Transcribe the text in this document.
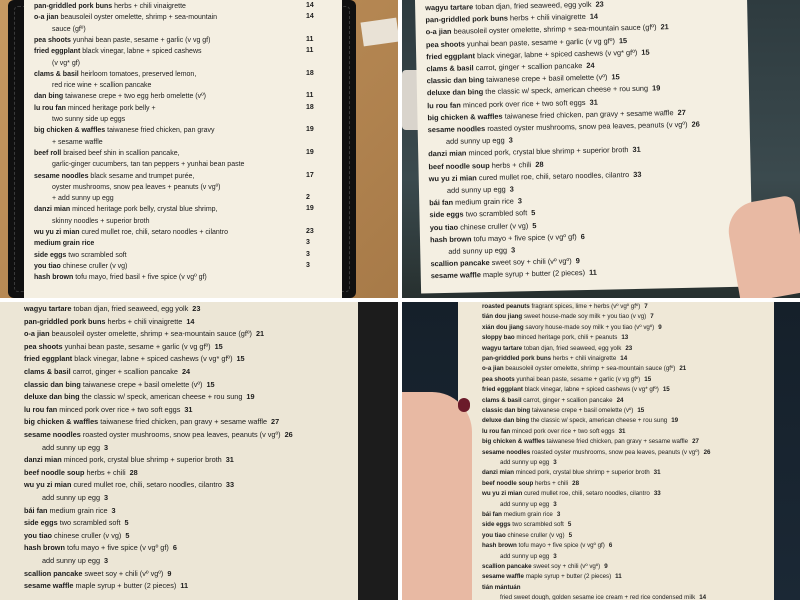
14
pan-griddled pork buns herbs + chili vinaigrette
14
o-a jian beausoleil oyster omelette, shrimp + sea-mountain
sauce (gfº)
11
pea shoots yunhai bean paste, sesame + garlic (v vg gf)
11
fried eggplant black vinegar, labne + spiced cashews
(v vg* gf)
18
clams & basil heirloom tomatoes, preserved lemon,
red rice wine + scallion pancake
11
dan bing taiwanese crepe + two egg herb omelette (vº)
18
lu rou fan minced heritage pork belly +
two sunny side up eggs
19
big chicken & waffles taiwanese fried chicken, pan gravy
+ sesame waffle
19
beef roll braised beef shin in scallion pancake,
garlic-ginger cucumbers, tan tan peppers + yunhai bean paste
17
sesame noodles black sesame and trumpet purée,
oyster mushrooms, snow pea leaves + peanuts (v vgº)
2
+ add sunny up egg
19
danzi mian minced heritage pork belly, crystal blue shrimp,
skinny noodles + superior broth
23
wu yu zi mian cured mullet roe, chili, setaro noodles + cilantro
3
medium grain rice
3
side eggs two scrambled soft
3
you tiao chinese cruller (v vg)
hash brown tofu mayo, fried basil + five spice (v vgº gf)
wagyu tartare toban djan, fried seaweed, egg yolk 23
pan-griddled pork buns herbs + chili vinaigrette 14
o-a jian beausoleil oyster omelette, shrimp + sea-mountain sauce (gfº) 21
pea shoots yunhai bean paste, sesame + garlic (v vg gfº) 15
fried eggplant black vinegar, labne + spiced cashews (v vg* gfº) 15
clams & basil carrot, ginger + scallion pancake 24
classic dan bing taiwanese crepe + basil omelette (vº) 15
deluxe dan bing the classic w/ speck, american cheese + rou sung 19
lu rou fan minced pork over rice + two soft eggs 31
big chicken & waffles taiwanese fried chicken, pan gravy + sesame waffle 27
sesame noodles roasted oyster mushrooms, snow pea leaves, peanuts (v vgº) 26
add sunny up egg 3
danzi mian minced pork, crystal blue shrimp + superior broth 31
beef noodle soup herbs + chili 28
wu yu zi mian cured mullet roe, chili, setaro noodles, cilantro 33
add sunny up egg 3
bái fan medium grain rice 3
side eggs two scrambled soft 5
you tiao chinese cruller (v vg) 5
hash brown tofu mayo + five spice (v vgº gf) 6
add sunny up egg 3
scallion pancake sweet soy + chili (vº vgº) 9
sesame waffle maple syrup + butter (2 pieces) 11
wagyu tartare toban djan, fried seaweed, egg yolk 23
pan-griddled pork buns herbs + chili vinaigrette 14
o-a jian beausoleil oyster omelette, shrimp + sea-mountain sauce (gfº) 21
pea shoots yunhai bean paste, sesame + garlic (v vg gfº) 15
fried eggplant black vinegar, labne + spiced cashews (v vg* gfº) 15
clams & basil carrot, ginger + scallion pancake 24
classic dan bing taiwanese crepe + basil omelette (vº) 15
deluxe dan bing the classic w/ speck, american cheese + rou sung 19
lu rou fan minced pork over rice + two soft eggs 31
big chicken & waffles taiwanese fried chicken, pan gravy + sesame waffle 27
sesame noodles roasted oyster mushrooms, snow pea leaves, peanuts (v vgº) 26
add sunny up egg 3
danzi mian minced pork, crystal blue shrimp + superior broth 31
beef noodle soup herbs + chili 28
wu yu zi mian cured mullet roe, chili, setaro noodles, cilantro 33
add sunny up egg 3
bái fan medium grain rice 3
side eggs two scrambled soft 5
you tiao chinese cruller (v vg) 5
hash brown tofu mayo + five spice (v vgº gf) 6
add sunny up egg 3
scallion pancake sweet soy + chili (vº vgº) 9
sesame waffle maple syrup + butter (2 pieces) 11
roasted peanuts fragrant spices, lime + herbs (vº vgº gfº) 7
tián dou jiang sweet house-made soy milk + you tiao (v vg) 7
xián dou jiang savory house-made soy milk + you tiao (vº vgº) 9
sloppy bao minced heritage pork, chili + peanuts 13
wagyu tartare toban djan, fried seaweed, egg yolk 23
pan-griddled pork buns herbs + chili vinaigrette 14
o-a jian beausoleil oyster omelette, shrimp + sea-mountain sauce (gfº) 21
pea shoots yunhai bean paste, sesame + garlic (v vg gfº) 15
fried eggplant black vinegar, labne + spiced cashews (v vg* gfº) 15
clams & basil carrot, ginger + scallion pancake 24
classic dan bing taiwanese crepe + basil omelette (vº) 15
deluxe dan bing the classic w/ speck, american cheese + rou sung 19
lu rou fan minced pork over rice + two soft eggs 31
big chicken & waffles taiwanese fried chicken, pan gravy + sesame waffle 27
sesame noodles roasted oyster mushrooms, snow pea leaves, peanuts (v vgº) 26
add sunny up egg 3
danzi mian minced pork, crystal blue shrimp + superior broth 31
beef noodle soup herbs + chili 28
wu yu zi mian cured mullet roe, chili, setaro noodles, cilantro 33
add sunny up egg 3
bái fan medium grain rice 3
side eggs two scrambled soft 5
you tiao chinese cruller (v vg) 5
hash brown tofu mayo + five spice (v vgº gf) 6
add sunny up egg 3
scallion pancake sweet soy + chili (vº vgº) 9
sesame waffle maple syrup + butter (2 pieces) 11
tián mántuán
fried sweet dough, golden sesame ice cream + red rice condensed milk 14
